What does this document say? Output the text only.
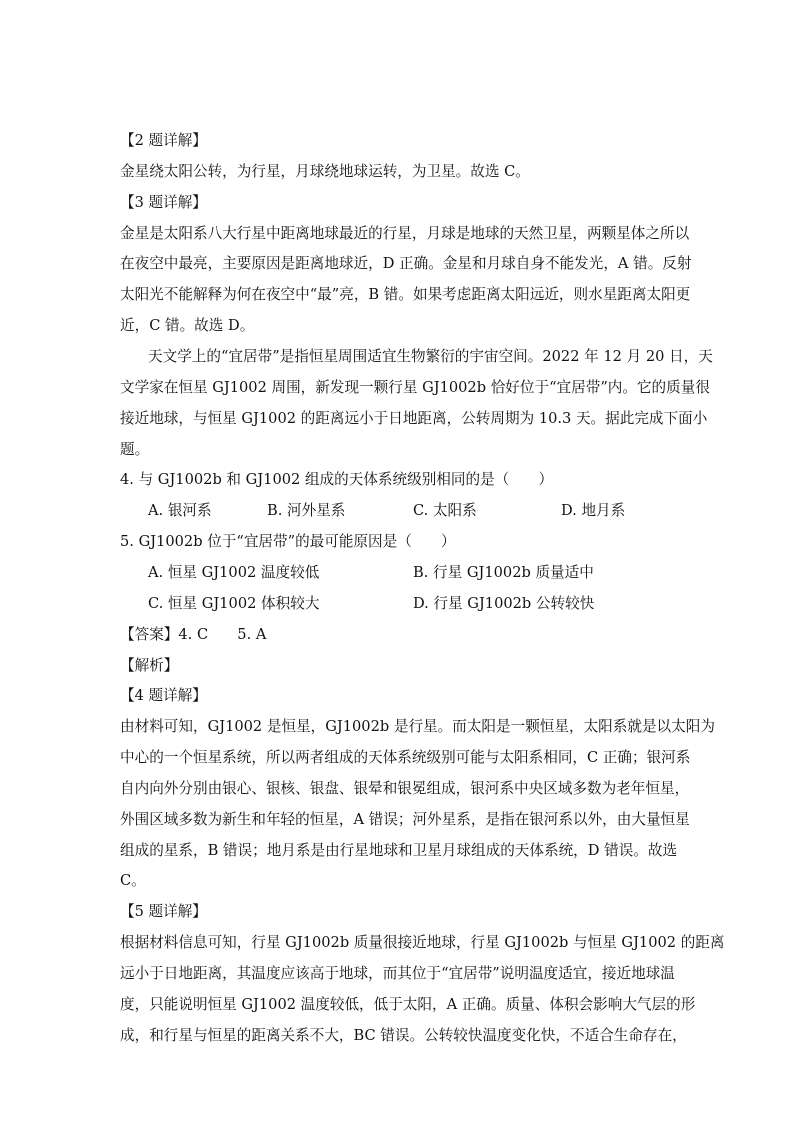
【2 题详解】
金星绕太阳公转，为行星，月球绕地球运转，为卫星。故选 C。
【3 题详解】
金星是太阳系八大行星中距离地球最近的行星，月球是地球的天然卫星，两颗星体之所以
在夜空中最亮，主要原因是距离地球近，D 正确。金星和月球自身不能发光，A 错。反射
太阳光不能解释为何在夜空中“最”亮，B 错。如果考虑距离太阳远近，则水星距离太阳更
近，C 错。故选 D。
天文学上的“宜居带”是指恒星周围适宜生物繁衍的宇宙空间。2022 年 12 月 20 日，天
文学家在恒星 GJ1002 周围，新发现一颗行星 GJ1002b 恰好位于“宜居带”内。它的质量很
接近地球，与恒星 GJ1002 的距离远小于日地距离，公转周期为 10.3 天。据此完成下面小
题。
4. 与 GJ1002b 和 GJ1002 组成的天体系统级别相同的是（　　）
A. 银河系	B. 河外星系	C. 太阳系	D. 地月系
5. GJ1002b 位于“宜居带”的最可能原因是（　　）
A. 恒星 GJ1002 温度较低	B. 行星 GJ1002b 质量适中
C. 恒星 GJ1002 体积较大	D. 行星 GJ1002b 公转较快
【答案】4. C　　5. A
【解析】
【4 题详解】
由材料可知，GJ1002 是恒星，GJ1002b 是行星。而太阳是一颗恒星，太阳系就是以太阳为
中心的一个恒星系统，所以两者组成的天体系统级别可能与太阳系相同，C 正确；银河系
自内向外分别由银心、银核、银盘、银晕和银冕组成，银河系中央区域多数为老年恒星，
外围区域多数为新生和年轻的恒星，A 错误；河外星系，是指在银河系以外，由大量恒星
组成的星系，B 错误；地月系是由行星地球和卫星月球组成的天体系统，D 错误。故选
C。
【5 题详解】
根据材料信息可知，行星 GJ1002b 质量很接近地球，行星 GJ1002b 与恒星 GJ1002 的距离
远小于日地距离，其温度应该高于地球，而其位于“宜居带”说明温度适宜，接近地球温
度，只能说明恒星 GJ1002 温度较低，低于太阳，A 正确。质量、体积会影响大气层的形
成，和行星与恒星的距离关系不大，BC 错误。公转较快温度变化快，不适合生命存在，
